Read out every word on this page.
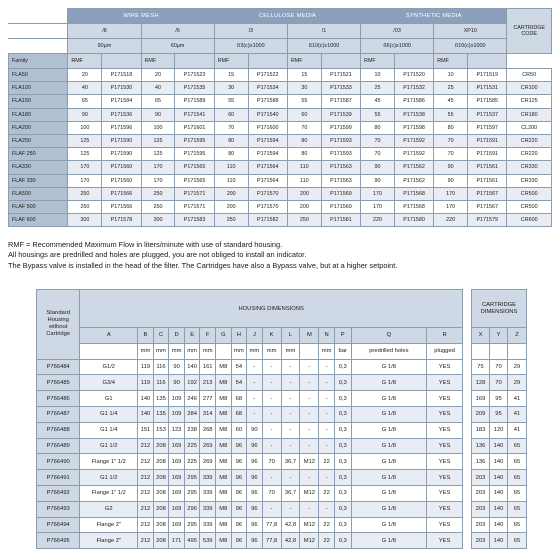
	WIRE MESH				CELLULOSE MEDIA				SYNTHETIC MEDIA				CARTRIDGE CODE
	/8		/6		/3		/1		/03		XP10		
	90µm		60µm		ß3(c)≥1000		ß10(c)≥1000		ß6(c)≥1000		ß10(c)≥1000		
Family	RMF		RMF		RMF		RMF		RMF		RMF		
FLA50	20	P171518	20	P171523	15	P171522	15	P171521	10	P171520	10	P171519	CR50
FLA100	40	P171530	40	P171535	30	P171534	30	P171533	25	P171532	25	P171531	CR100
FLA150	65	P171584	65	P171589	55	P171588	55	P171587	45	P171586	45	P171585	CR125
FLA180	90	P171536	90	P171541	60	P171540	60	P171539	55	P171538	55	P171537	CR180
FLA200	100	P171596	100	P171601	70	P171600	70	P171599	80	P171598	80	P171597	CL200
FLA250	125	P171590	125	P171595	80	P171594	80	P171593	70	P171592	70	P171591	CR220
FLAF 250	125	P171590	125	P171595	80	P171594	80	P171593	70	P171592	70	P171591	CR220
FLA330	170	P171560	170	P171565	110	P171564	110	P171563	90	P171562	90	P171561	CR330
FLAF 330	170	P171560	170	P171565	110	P171564	110	P171563	90	P171562	90	P171561	CR330
FLA500	250	P171566	250	P171571	200	P171570	200	P171569	170	P171568	170	P171567	CR500
FLAF 500	250	P171566	250	P171571	200	P171570	200	P171569	170	P171568	170	P171567	CR500
FLAF 600	300	P171578	300	P171583	250	P171582	250	P171581	220	P171580	220	P171579	CR600
RMF = Recommended Maximum Flow in liters/minute with use of standard housing.
All housings are predrilled and holes are plugged, you are not obliged to install an indicator.
The Bypass valve is installed in the head of the filter. The Cartridges have also a Bypass valve, but at a higher setpoint.
Standard Housing without Cartridge	HOUSING DIMENSIONS															
	A	B	C	D	E	F	G	H	J	K	L	M	N	P	Q	R
		mm	mm	mm	mm	mm		mm	mm	mm	mm		mm	bar	predrilled holes	plugged
P766484	G1/2	119	116	90	140	161	M8	54	-	-	-	-	-	0,3	G 1/8	YES
P766485	G3/4	119	116	90	192	213	M8	54	-	-	-	-	-	0,3	G 1/8	YES
P766486	G1	140	135	109	246	277	M8	68	-	-	-	-	-	0,3	G 1/8	YES
P766487	G1 1/4	140	135	109	284	314	M8	68	-	-	-	-	-	0,3	G 1/8	YES
P766488	G1 1/4	151	153	123	238	268	M8	60	90	-	-	-	-	0,3	G 1/8	YES
P766489	G1 1/2	212	208	169	225	269	M8	96	96	-	-	-	-	0,3	G 1/8	YES
P766490	Flange 1" 1/2	212	208	169	225	269	M8	96	96	70	36,7	M12	22	0,3	G 1/8	YES
P766491	G1 1/2	212	208	169	295	339	M8	96	96	-	-	-	-	0,3	G 1/8	YES
P766492	Flange 1" 1/2	212	208	169	295	339	M8	96	96	70	36,7	M12	22	0,3	G 1/8	YES
P766493	G2	212	208	169	296	339	M8	96	96	-	-	-	-	0,3	G 1/8	YES
P766494	Flange 2"	212	208	169	295	339	M8	96	96	77,8	42,8	M12	22	0,3	G 1/8	YES
P766495	Flange 2"	212	208	171	495	539	M8	96	96	77,8	42,8	M12	22	0,3	G 1/8	YES
CARTRIDGE DIMENSIONS		
X	Y	Z

75	70	29
128	70	29
169	95	41
209	95	41
183	120	41
136	140	65
136	140	65
203	140	65
203	140	65
203	140	65
203	140	65
203	140	65
